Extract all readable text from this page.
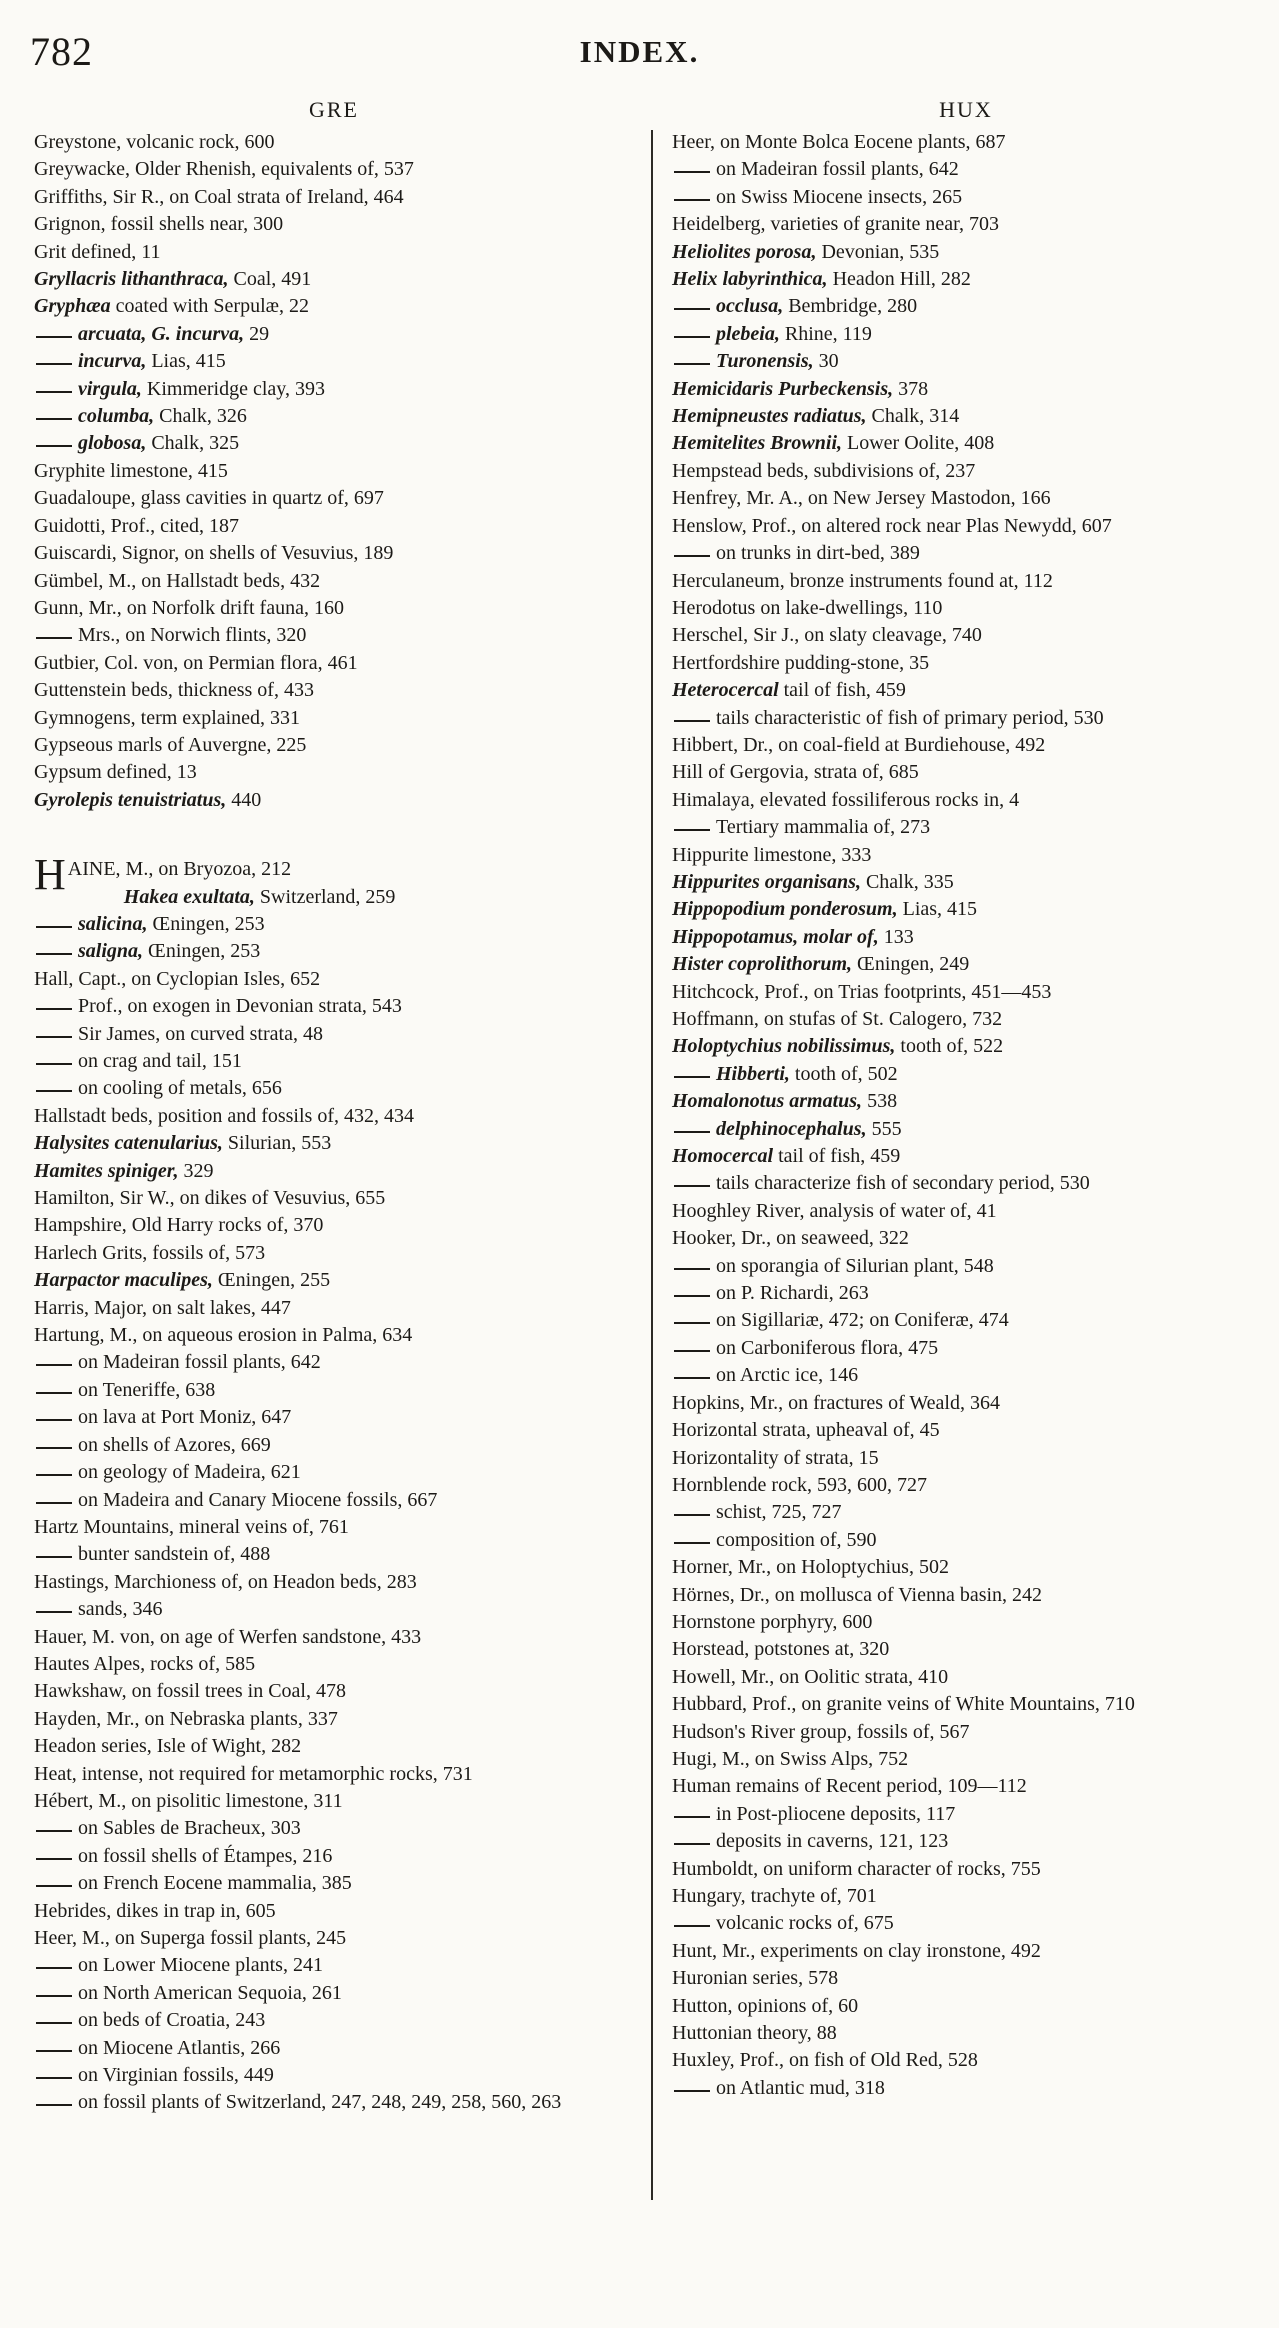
782	INDEX.
GRE
Greystone, volcanic rock, 600
Greywacke, Older Rhenish, equivalents of, 537
Griffiths, Sir R., on Coal strata of Ireland, 464
Grignon, fossil shells near, 300
Grit defined, 11
Gryllacris lithanthraca, Coal, 491
Gryphæa coated with Serpulæ, 22
arcuata, G. incurva, 29
incurva, Lias, 415
virgula, Kimmeridge clay, 393
columba, Chalk, 326
globosa, Chalk, 325
Gryphite limestone, 415
Guadaloupe, glass cavities in quartz of, 697
Guidotti, Prof., cited, 187
Guiscardi, Signor, on shells of Vesuvius, 189
Gümbel, M., on Hallstadt beds, 432
Gunn, Mr., on Norfolk drift fauna, 160
Mrs., on Norwich flints, 320
Gutbier, Col. von, on Permian flora, 461
Guttenstein beds, thickness of, 433
Gymnogens, term explained, 331
Gypseous marls of Auvergne, 225
Gypsum defined, 13
Gyrolepis tenuistriatus, 440
HAINE, M., on Bryozoa, 212
Hakea exultata, Switzerland, 259
salicina, Œningen, 253
saligna, Œningen, 253
Hall, Capt., on Cyclopian Isles, 652
Prof., on exogen in Devonian strata, 543
Sir James, on curved strata, 48
on crag and tail, 151
on cooling of metals, 656
Hallstadt beds, position and fossils of, 432, 434
Halysites catenularius, Silurian, 553
Hamites spiniger, 329
Hamilton, Sir W., on dikes of Vesuvius, 655
Hampshire, Old Harry rocks of, 370
Harlech Grits, fossils of, 573
Harpactor maculipes, Œningen, 255
Harris, Major, on salt lakes, 447
Hartung, M., on aqueous erosion in Palma, 634
on Madeiran fossil plants, 642
on Teneriffe, 638
on lava at Port Moniz, 647
on shells of Azores, 669
on geology of Madeira, 621
on Madeira and Canary Miocene fossils, 667
Hartz Mountains, mineral veins of, 761
bunter sandstein of, 488
Hastings, Marchioness of, on Headon beds, 283
sands, 346
Hauer, M. von, on age of Werfen sandstone, 433
Hautes Alpes, rocks of, 585
Hawkshaw, on fossil trees in Coal, 478
Hayden, Mr., on Nebraska plants, 337
Headon series, Isle of Wight, 282
Heat, intense, not required for metamorphic rocks, 731
Hébert, M., on pisolitic limestone, 311
on Sables de Bracheux, 303
on fossil shells of Étampes, 216
on French Eocene mammalia, 385
Hebrides, dikes in trap in, 605
Heer, M., on Superga fossil plants, 245
on Lower Miocene plants, 241
on North American Sequoia, 261
on beds of Croatia, 243
on Miocene Atlantis, 266
on Virginian fossils, 449
on fossil plants of Switzerland, 247, 248, 249, 258, 560, 263
HUX
Heer, on Monte Bolca Eocene plants, 687
on Madeiran fossil plants, 642
on Swiss Miocene insects, 265
Heidelberg, varieties of granite near, 703
Heliolites porosa, Devonian, 535
Helix labyrinthica, Headon Hill, 282
occlusa, Bembridge, 280
plebeia, Rhine, 119
Turonensis, 30
Hemicidaris Purbeckensis, 378
Hemipneustes radiatus, Chalk, 314
Hemitelites Brownii, Lower Oolite, 408
Hempstead beds, subdivisions of, 237
Henfrey, Mr. A., on New Jersey Mastodon, 166
Henslow, Prof., on altered rock near Plas Newydd, 607
on trunks in dirt-bed, 389
Herculaneum, bronze instruments found at, 112
Herodotus on lake-dwellings, 110
Herschel, Sir J., on slaty cleavage, 740
Hertfordshire pudding-stone, 35
Heterocercal tail of fish, 459
tails characteristic of fish of primary period, 530
Hibbert, Dr., on coal-field at Burdiehouse, 492
Hill of Gergovia, strata of, 685
Himalaya, elevated fossiliferous rocks in, 4
Tertiary mammalia of, 273
Hippurite limestone, 333
Hippurites organisans, Chalk, 335
Hippopodium ponderosum, Lias, 415
Hippopotamus, molar of, 133
Hister coprolithorum, Œningen, 249
Hitchcock, Prof., on Trias footprints, 451—453
Hoffmann, on stufas of St. Calogero, 732
Holoptychius nobilissimus, tooth of, 522
Hibberti, tooth of, 502
Homalonotus armatus, 538
delphinocephalus, 555
Homocercal tail of fish, 459
tails characterize fish of secondary period, 530
Hooghley River, analysis of water of, 41
Hooker, Dr., on seaweed, 322
on sporangia of Silurian plant, 548
on P. Richardi, 263
on Sigillariæ, 472; on Coniferæ, 474
on Carboniferous flora, 475
on Arctic ice, 146
Hopkins, Mr., on fractures of Weald, 364
Horizontal strata, upheaval of, 45
Horizontality of strata, 15
Hornblende rock, 593, 600, 727
schist, 725, 727
composition of, 590
Horner, Mr., on Holoptychius, 502
Hörnes, Dr., on mollusca of Vienna basin, 242
Hornstone porphyry, 600
Horstead, potstones at, 320
Howell, Mr., on Oolitic strata, 410
Hubbard, Prof., on granite veins of White Mountains, 710
Hudson's River group, fossils of, 567
Hugi, M., on Swiss Alps, 752
Human remains of Recent period, 109—112
in Post-pliocene deposits, 117
deposits in caverns, 121, 123
Humboldt, on uniform character of rocks, 755
Hungary, trachyte of, 701
volcanic rocks of, 675
Hunt, Mr., experiments on clay ironstone, 492
Huronian series, 578
Hutton, opinions of, 60
Huttonian theory, 88
Huxley, Prof., on fish of Old Red, 528
on Atlantic mud, 318
